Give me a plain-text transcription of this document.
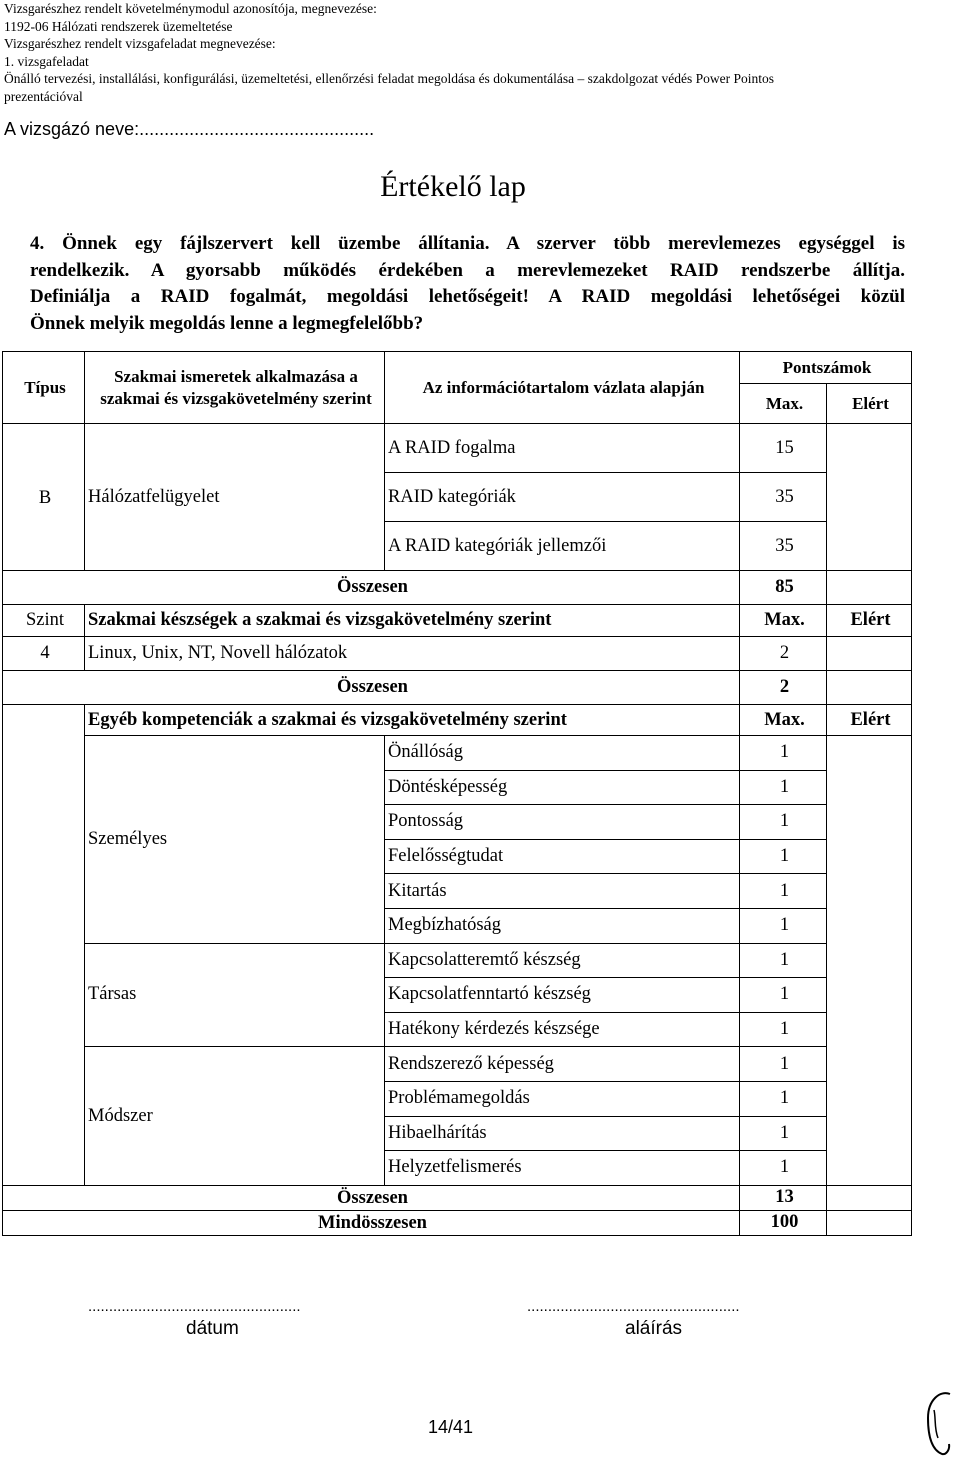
Vizsgarészhez rendelt követelménymodul azonosítója, megnevezése:
1192-06 Hálózati rendszerek üzemeltetése
Vizsgarészhez rendelt vizsgafeladat megnevezése:
1. vizsgafeladat
Önálló tervezési, installálási, konfigurálási, üzemeltetési, ellenőrzési feladat megoldása és dokumentálása – szakdolgozat védés Power Pointos
prezentációval
A vizsgázó neve:...............................................
Értékelő lap
4. Önnek egy fájlszervert kell üzembe állítania. A szerver több merevlemezes egységgel is
rendelkezik. A gyorsabb működés érdekében a merevlemezeket RAID rendszerbe állítja.
Definiálja a RAID fogalmát, megoldási lehetőségeit! A RAID megoldási lehetőségei közül
Önnek melyik megoldás lenne a legmegfelelőbb?
Típus	Szakmai ismeretek alkalmazása a szakmai és vizsgakövetelmény szerint	Az információtartalom vázlata alapján	Pontszámok	
			Max.	Elért
B	Hálózatfelügyelet	A RAID fogalma	15	
		RAID kategóriák	35	
		A RAID kategóriák jellemzői	35	
Összesen			85	
Szint	Szakmai készségek a szakmai és vizsgakövetelmény szerint		Max.	Elért
4	Linux, Unix, NT, Novell hálózatok		2	
Összesen			2	
	Egyéb kompetenciák a szakmai és vizsgakövetelmény szerint		Max.	Elért
	Személyes	Önállóság	1	
		Döntésképesség	1	
		Pontosság	1	
		Felelősségtudat	1	
		Kitartás	1	
		Megbízhatóság	1	
	Társas	Kapcsolatteremtő készség	1	
		Kapcsolatfenntartó készség	1	
		Hatékony kérdezés készsége	1	
	Módszer	Rendszerező képesség	1	
		Problémamegoldás	1	
		Hibaelhárítás	1	
		Helyzetfelismerés	1	
Összesen			13	
Mindösszesen			100	
...................................................
dátum
...................................................
aláírás
14/41
